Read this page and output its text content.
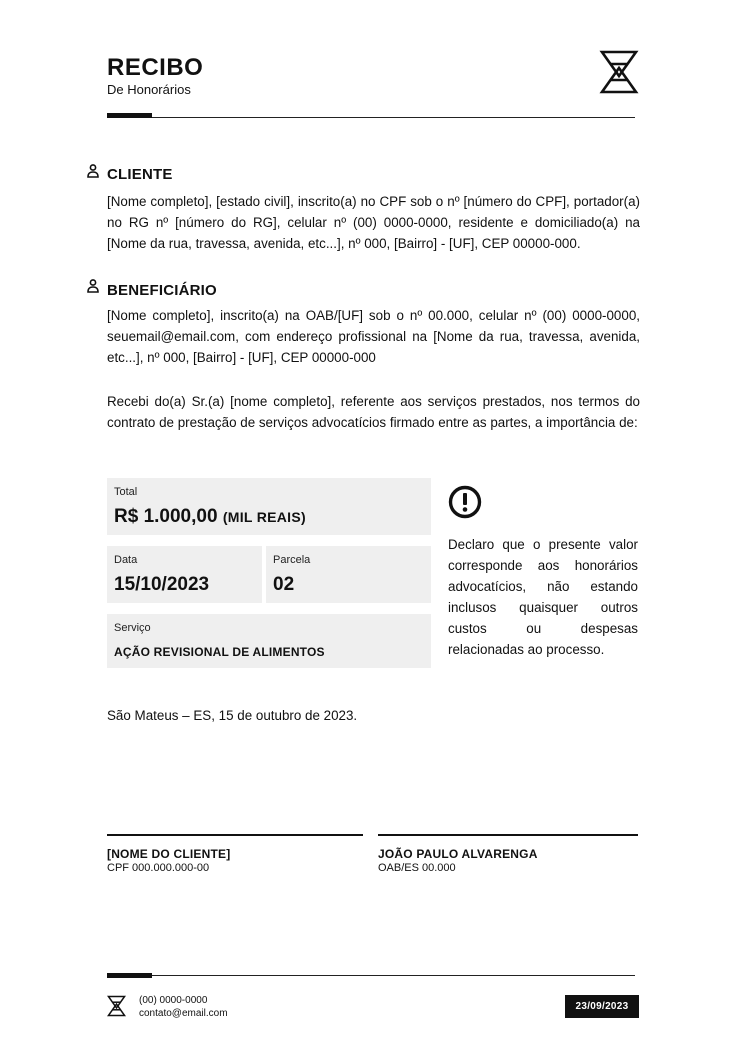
RECIBO
De Honorários
CLIENTE
[Nome completo], [estado civil], inscrito(a) no CPF sob o nº [número do CPF], portador(a) no RG nº [número do RG], celular nº (00) 0000-0000, residente e domiciliado(a) na [Nome da rua, travessa, avenida, etc...], nº 000, [Bairro] - [UF], CEP 00000-000.
BENEFICIÁRIO
[Nome completo], inscrito(a) na OAB/[UF] sob o nº 00.000, celular nº (00) 0000-0000, seuemail@email.com, com endereço profissional na [Nome da rua, travessa, avenida, etc...], nº 000, [Bairro] - [UF], CEP 00000-000
Recebi do(a) Sr.(a) [nome completo], referente aos serviços prestados, nos termos do contrato de prestação de serviços advocatícios firmado entre as partes, a importância de:
Total
R$ 1.000,00 (MIL REAIS)
Data
15/10/2023
Parcela
02
Serviço
AÇÃO REVISIONAL DE ALIMENTOS
Declaro que o presente valor corresponde aos honorários advocatícios, não estando inclusos quaisquer outros custos ou despesas relacionadas ao processo.
São Mateus – ES, 15 de outubro de 2023.
[NOME DO CLIENTE]
CPF 000.000.000-00
JOÃO PAULO ALVARENGA
OAB/ES 00.000
(00) 0000-0000
contato@email.com
23/09/2023
